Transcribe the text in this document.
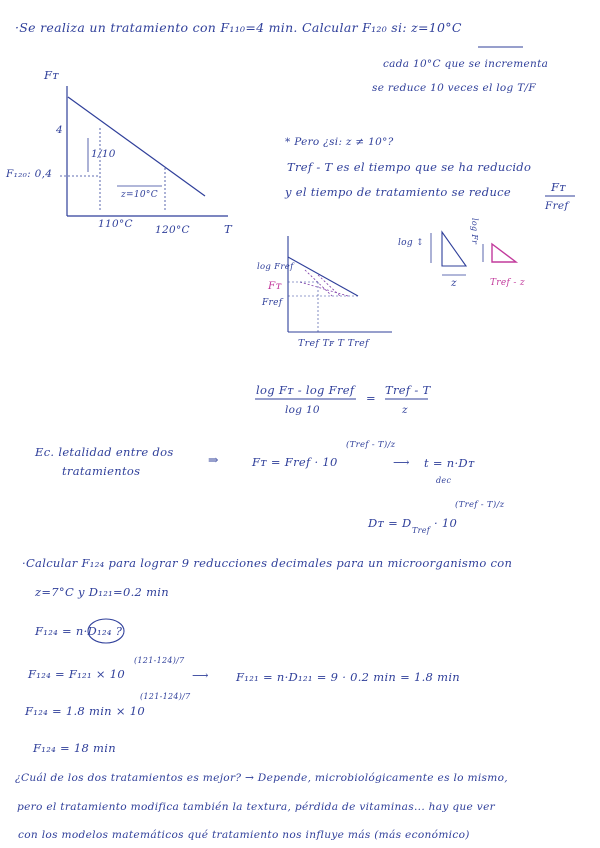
·Se realiza un tratamiento con F₁₁₀=4 min. Calcular F₁₂₀ si: z=10°C
cada 10°C que se incrementa
se reduce 10 veces el log T/F
Fᴛ
4
F₁₂₀: 0,4
1/10
z=10°C
110°C 120°C	T
* Pero ¿si: z ≠ 10°?
Tref - T es el tiempo que se ha reducido
y el tiempo de tratamiento se reduce	Fᴛ
Fref
log Fref
Fᴛ
Fref
Tref Tꜰ T Tref
log ↕
z	Tref - z
log Fr
log Fᴛ - log Fref
log 10
=
Tref - T
z
Ec. letalidad entre dos
tratamientos
⇒	Fᴛ = Fref · 10
(Tref - T)/z
⟶ t = n·Dᴛ
dec
Dᴛ = D
Tref
· 10
(Tref - T)/z
·Calcular F₁₂₄ para lograr 9 reducciones decimales para un microorganismo con
z=7°C y D₁₂₁=0.2 min
F₁₂₄ = n·D₁₂₄ ?
F₁₂₄ = F₁₂₁ × 10
(121-124)/7
⟶ F₁₂₁ = n·D₁₂₁ = 9 · 0.2 min = 1.8 min
F₁₂₄ = 1.8 min × 10
(121-124)/7
F₁₂₄ = 18 min
¿Cuál de los dos tratamientos es mejor? → Depende, microbiológicamente es lo mismo,
pero el tratamiento modifica también la textura, pérdida de vitaminas... hay que ver
con los modelos matemáticos qué tratamiento nos influye más (más económico)
